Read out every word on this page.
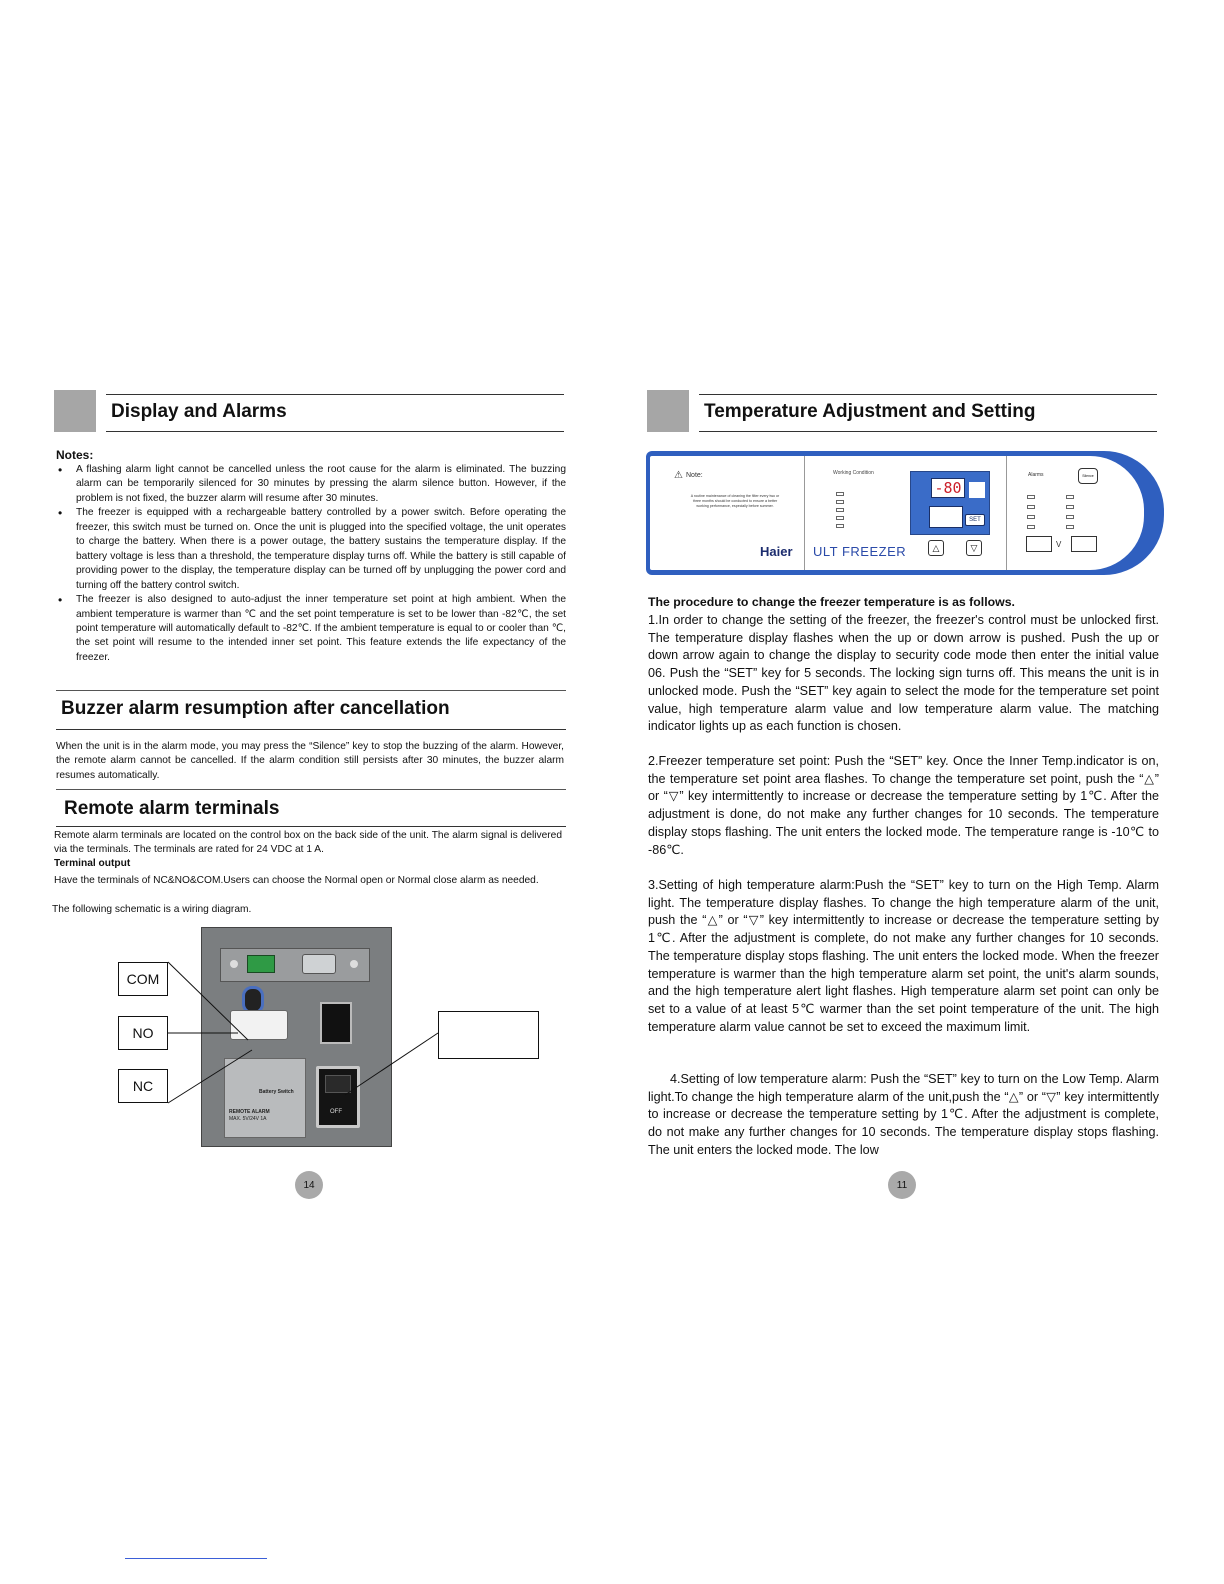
Display and Alarms
Notes:
• A flashing alarm light cannot be cancelled unless the root cause for the alarm is eliminated. The buzzing alarm can be temporarily silenced for 30 minutes by pressing the alarm silence button. However, if the problem is not fixed, the buzzer alarm will resume after 30 minutes.
• The freezer is equipped with a rechargeable battery controlled by a power switch. Before operating the freezer, this switch must be turned on. Once the unit is plugged into the specified voltage, the unit operates to charge the battery. When there is a power outage, the battery sustains the temperature display. If the battery voltage is less than a threshold, the temperature display turns off. While the battery is still capable of providing power to the display, the temperature display can be turned off by unplugging the power cord and turning off the battery control switch.
• The freezer is also designed to auto-adjust the inner temperature set point at high ambient. When the ambient temperature is warmer than ℃ and the set point temperature is set to be lower than -82℃, the set point temperature will automatically default to -82℃. If the ambient temperature is equal to or cooler than ℃, the set point will resume to the intended inner set point. This feature extends the life expectancy of the freezer.
Buzzer alarm resumption after cancellation
When the unit is in the alarm mode, you may press the “Silence” key to stop the buzzing of the alarm. However, the remote alarm cannot be cancelled. If the alarm condition still persists after 30 minutes, the buzzer alarm resumes automatically.
Remote alarm terminals
Remote alarm terminals are located on the control box on the back side of the unit. The alarm signal is delivered via the terminals. The terminals are rated for 24 VDC at 1 A.
Terminal output
Have the terminals of NC&NO&COM.Users can choose the Normal open or Normal close alarm as needed.
The following schematic is a wiring diagram.
Battery Switch
REMOTE ALARM
MAX. 5V/24V 1A
OFF
COM
NO
NC
14
Temperature Adjustment and Setting
⚠ Note:
A routine maintenance of cleaning the filter every two or three months should be conducted to ensure a better working performance, especially before summer.
Haier
Working Condition
ULT FREEZER
-80
SET
△	▽
Alarms	Silence
V
The procedure to change the freezer temperature is as follows.
1.In order to change the setting of the freezer, the freezer's control must be unlocked first. The temperature display flashes when the up or down arrow is pushed. Push the up or down arrow again to change the display to security code mode then enter the initial value 06. Push the “SET” key for 5 seconds. The locking sign turns off. This means the unit is in unlocked mode. Push the “SET” key again to select the mode for the temperature set point value, high temperature alarm value and low temperature alarm value. The matching indicator lights up as each function is chosen.
2.Freezer temperature set point: Push the “SET” key. Once the Inner Temp.indicator is on, the temperature set point area flashes. To change the temperature set point, push the “△” or “▽” key intermittently to increase or decrease the temperature setting by 1℃. After the adjustment is done, do not make any further changes for 10 seconds. The temperature display stops flashing. The unit enters the locked mode. The temperature range is -10℃ to -86℃.
3.Setting of high temperature alarm:Push the “SET” key to turn on the High Temp. Alarm light. The temperature display flashes. To change the high temperature alarm of the unit, push the “△” or “▽” key intermittently to increase or decrease the temperature setting by 1℃. After the adjustment is complete, do not make any further changes for 10 seconds. The temperature display stops flashing. The unit enters the locked mode. When the freezer temperature is warmer than the high temperature alarm set point, the unit's alarm sounds, and the high temperature alert light flashes. High temperature alarm set point can only be set to a value of at least 5℃ warmer than the set point temperature of the unit. The high temperature alarm value cannot be set to exceed the maximum limit.
4.Setting of low temperature alarm: Push the “SET” key to turn on the Low Temp. Alarm light.To change the high temperature alarm of the unit,push the “△” or “▽” key intermittently to increase or decrease the temperature setting by 1℃. After the adjustment is complete, do not make any further changes for 10 seconds. The temperature display stops flashing. The unit enters the locked mode. The low
11
